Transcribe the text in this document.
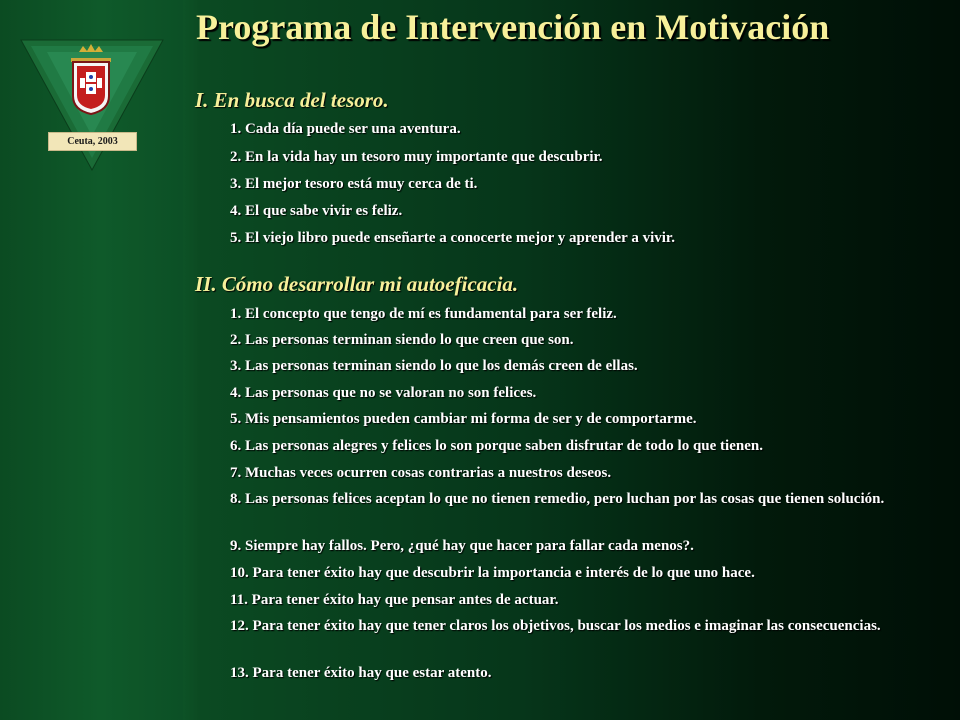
Ceuta, 2003
Programa de Intervención en Motivación
I. En busca del tesoro.
1. Cada día puede ser una aventura.
2. En la vida hay un tesoro muy importante que descubrir.
3. El mejor tesoro está muy cerca de ti.
4. El que sabe vivir es feliz.
5. El viejo libro puede enseñarte a conocerte mejor y aprender a vivir.
II. Cómo desarrollar mi autoeficacia.
1. El concepto que tengo de mí es fundamental para ser feliz.
2. Las personas terminan siendo lo que creen que son.
3. Las personas terminan siendo lo que los demás creen de ellas.
4. Las personas que no se valoran no son felices.
5. Mis pensamientos pueden cambiar mi forma de ser y de comportarme.
6. Las personas alegres y felices lo son porque saben disfrutar de todo lo que tienen.
7. Muchas veces ocurren cosas contrarias a nuestros deseos.
8. Las personas felices aceptan lo que no tienen remedio, pero luchan por las cosas que tienen solución.
9. Siempre hay fallos. Pero, ¿qué hay que hacer para fallar cada menos?.
10. Para tener éxito hay que descubrir la importancia e interés de lo que uno hace.
11. Para tener éxito hay que pensar antes de actuar.
12. Para tener éxito hay que tener claros los objetivos, buscar los medios e imaginar las consecuencias.
13. Para tener éxito hay que estar atento.
